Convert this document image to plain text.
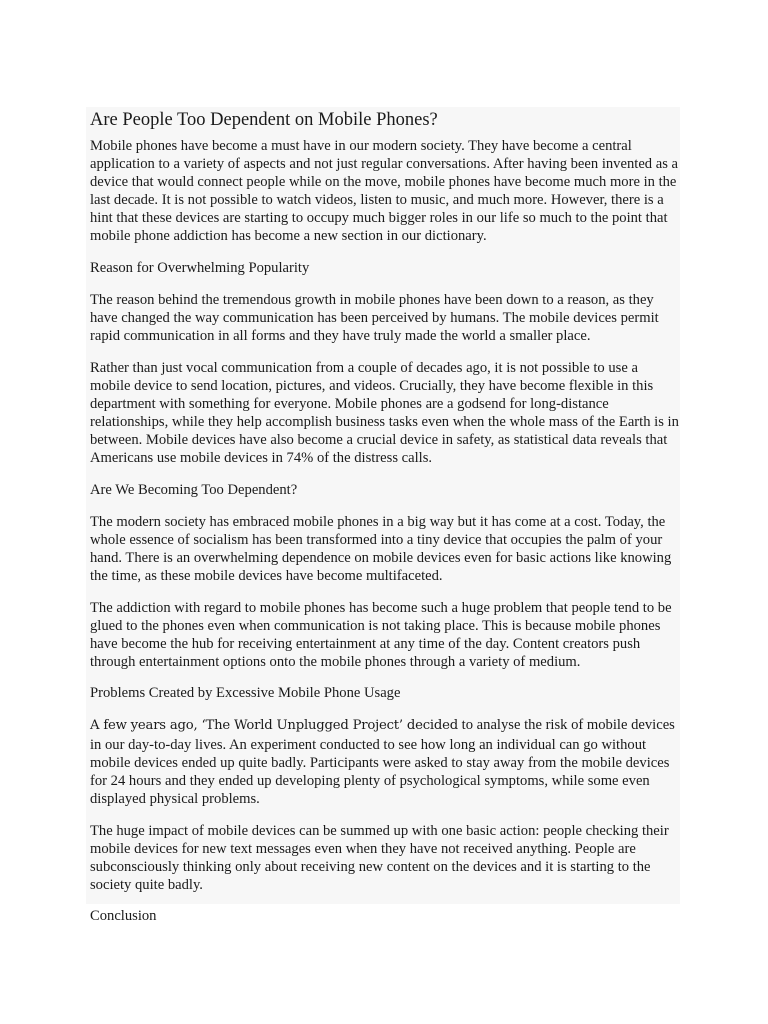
Are People Too Dependent on Mobile Phones?

Mobile phones have become a must have in our modern society. They have become a central application to a variety of aspects and not just regular conversations. After having been invented as a device that would connect people while on the move, mobile phones have become much more in the last decade. It is not possible to watch videos, listen to music, and much more. However, there is a hint that these devices are starting to occupy much bigger roles in our life so much to the point that mobile phone addiction has become a new section in our dictionary.

Reason for Overwhelming Popularity

The reason behind the tremendous growth in mobile phones have been down to a reason, as they have changed the way communication has been perceived by humans. The mobile devices permit rapid communication in all forms and they have truly made the world a smaller place.

Rather than just vocal communication from a couple of decades ago, it is not possible to use a mobile device to send location, pictures, and videos. Crucially, they have become flexible in this department with something for everyone. Mobile phones are a godsend for long-distance relationships, while they help accomplish business tasks even when the whole mass of the Earth is in between. Mobile devices have also become a crucial device in safety, as statistical data reveals that Americans use mobile devices in 74% of the distress calls.

Are We Becoming Too Dependent?

The modern society has embraced mobile phones in a big way but it has come at a cost. Today, the whole essence of socialism has been transformed into a tiny device that occupies the palm of your hand. There is an overwhelming dependence on mobile devices even for basic actions like knowing the time, as these mobile devices have become multifaceted.

The addiction with regard to mobile phones has become such a huge problem that people tend to be glued to the phones even when communication is not taking place. This is because mobile phones have become the hub for receiving entertainment at any time of the day. Content creators push through entertainment options onto the mobile phones through a variety of medium.

Problems Created by Excessive Mobile Phone Usage

A few years ago, ‘The World Unplugged Project’ decided to analyse the risk of mobile devices in our day-to-day lives. An experiment conducted to see how long an individual can go without mobile devices ended up quite badly. Participants were asked to stay away from the mobile devices for 24 hours and they ended up developing plenty of psychological symptoms, while some even displayed physical problems.

The huge impact of mobile devices can be summed up with one basic action: people checking their mobile devices for new text messages even when they have not received anything. People are subconsciously thinking only about receiving new content on the devices and it is starting to the society quite badly.

Conclusion
